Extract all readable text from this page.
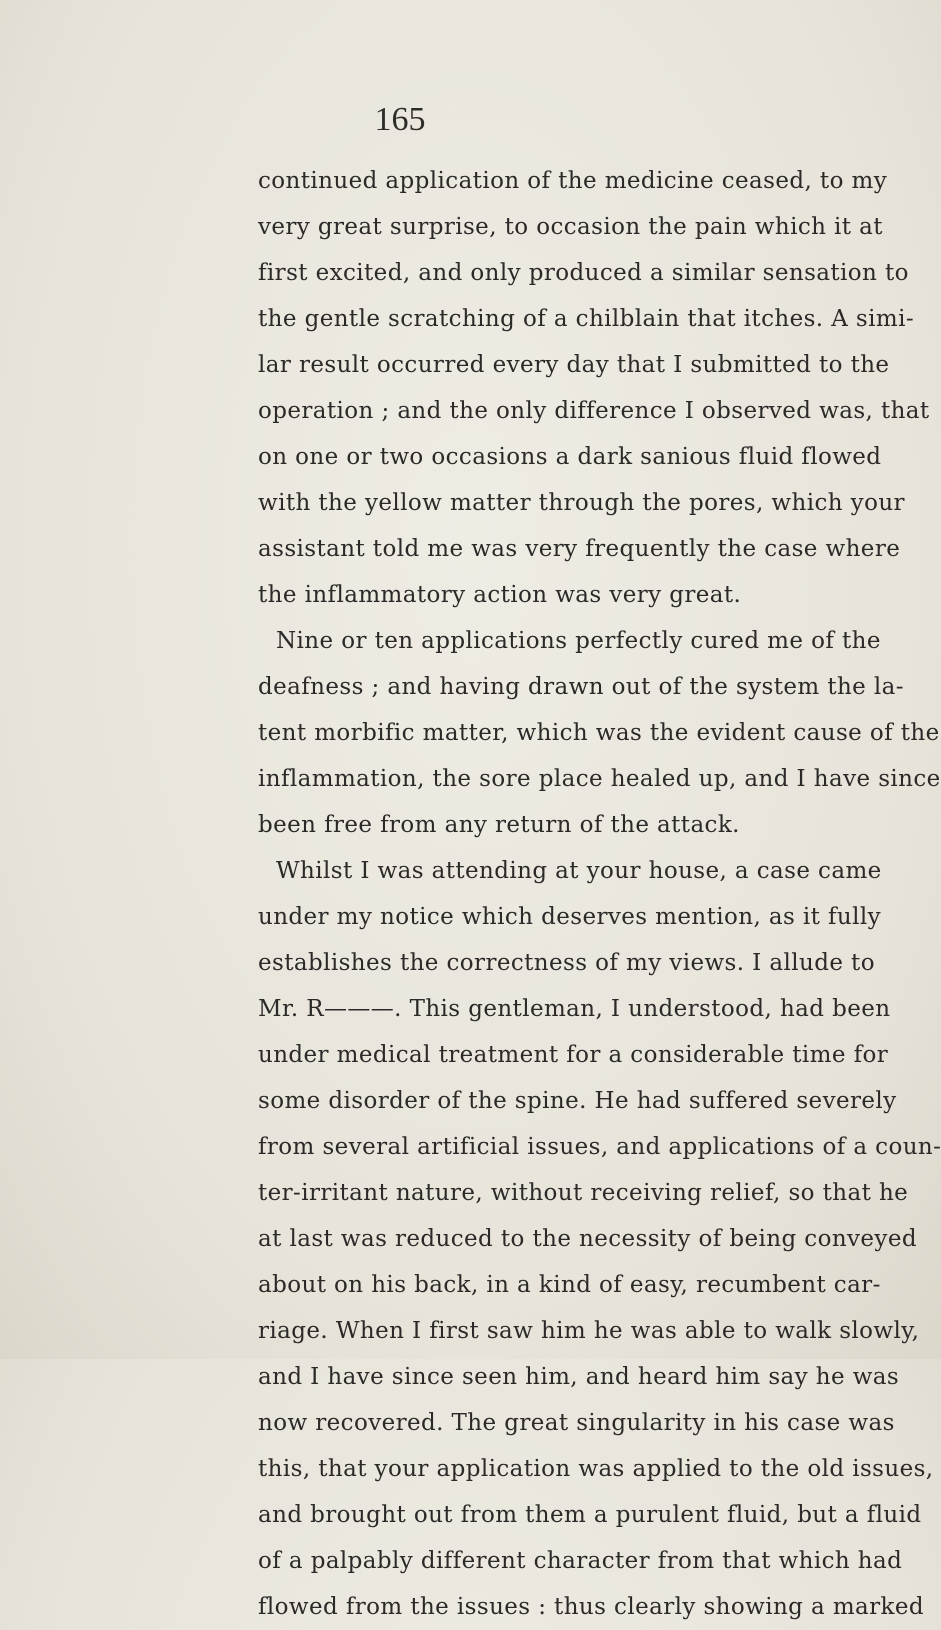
165
continued application of the medicine ceased, to my
very great surprise, to occasion the pain which it at
first excited, and only produced a similar sensation to
the gentle scratching of a chilblain that itches. A simi-
lar result occurred every day that I submitted to the
operation ; and the only difference I observed was, that
on one or two occasions a dark sanious fluid flowed
with the yellow matter through the pores, which your
assistant told me was very frequently the case where
the inflammatory action was very great.
Nine or ten applications perfectly cured me of the
deafness ; and having drawn out of the system the la-
tent morbific matter, which was the evident cause of the
inflammation, the sore place healed up, and I have since
been free from any return of the attack.
Whilst I was attending at your house, a case came
under my notice which deserves mention, as it fully
establishes the correctness of my views. I allude to
Mr. R———. This gentleman, I understood, had been
under medical treatment for a considerable time for
some disorder of the spine. He had suffered severely
from several artificial issues, and applications of a coun-
ter-irritant nature, without receiving relief, so that he
at last was reduced to the necessity of being conveyed
about on his back, in a kind of easy, recumbent car-
riage. When I first saw him he was able to walk slowly,
and I have since seen him, and heard him say he was
now recovered. The great singularity in his case was
this, that your application was applied to the old issues,
and brought out from them a purulent fluid, but a fluid
of a palpably different character from that which had
flowed from the issues : thus clearly showing a marked
